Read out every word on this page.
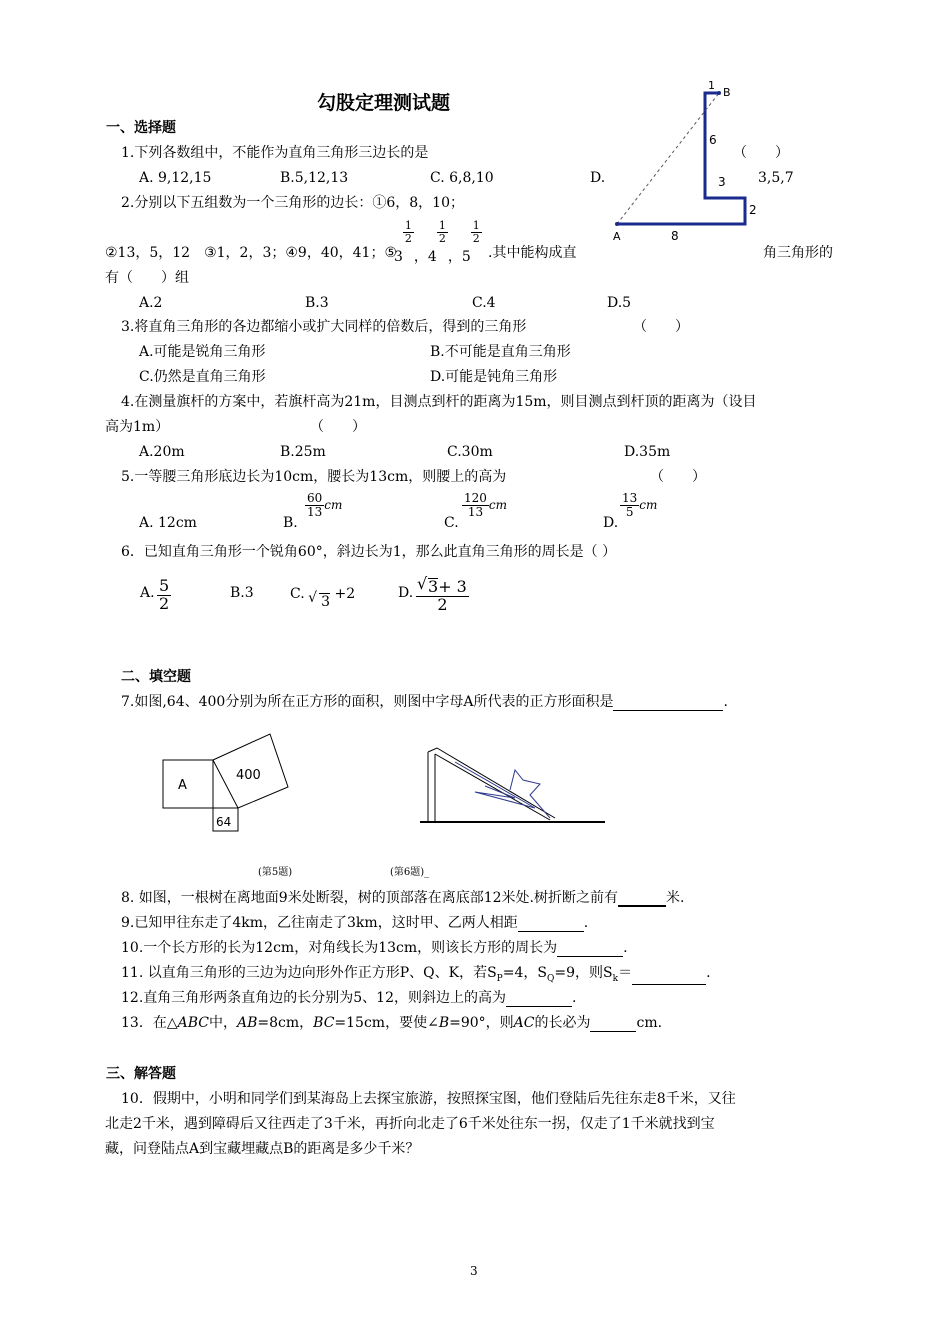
勾股定理测试题
一、选择题
1.下列各数组中，不能作为直角三角形三边长的是	（　　）
A. 9,12,15	B.5,12,13	C. 6,8,10	D.	3,5,7
2.分别以下五组数为一个三角形的边长：①6，8，10；
②13，5，12　③1，2，3；④9，40，41；⑤
3
$\frac{1}{2}$
，4
$\frac{1}{2}$
，5
$\frac{1}{2}$
.其中能构成直	角三角形的
有（　　）组
A.2	B.3	C.4	D.5
3.将直角三角形的各边都缩小或扩大同样的倍数后，得到的三角形	（　　）
A.可能是锐角三角形	B.不可能是直角三角形
C.仍然是直角三角形	D.可能是钝角三角形
4.在测量旗杆的方案中，若旗杆高为21m，目测点到杆的距离为15m，则目测点到杆顶的距离为（设目
高为1m）	（　　）
A.20m	B.25m	C.30m	D.35m
5.一等腰三角形底边长为10cm，腰长为13cm，则腰上的高为	（　　）
A. 12cm	B.
$\frac{60}{13}$ cm
C.
$\frac{120}{13}$ cm
D.
$\frac{13}{5}$ cm
6．已知直角三角形一个锐角60°，斜边长为1，那么此直角三角形的周长是（ ）
A. $\frac{5}{2}$	B.3	C. √ 3 +2	D. $\frac{√ 3+ 3}{2}$
二、填空题
7.如图,64、400分别为所在正方形的面积，则图中字母A所代表的正方形面积是	.
A
400
64
(第5题)	(第6题)_
8. 如图，一根树在离地面9米处断裂，树的顶部落在离底部12米处.树折断之前有	米.
9.已知甲往东走了4km，乙往南走了3km，这时甲、乙两人相距	.
10.一个长方形的长为12cm，对角线长为13cm，则该长方形的周长为	.
11. 以直角三角形的三边为边向形外作正方形P、Q、K，若$S_P=4$，$S_Q=9$，则$S_k=$	.
12.直角三角形两条直角边的长分别为5、12，则斜边上的高为	.
13．在△ABC中，AB=8cm，BC=15cm，要使∠B=90°，则AC的长必为	cm.
三、解答题
10．假期中，小明和同学们到某海岛上去探宝旅游，按照探宝图，他们登陆后先往东走8千米，又往
北走2千米，遇到障碍后又往西走了3千米，再折向北走了6千米处往东一拐，仅走了1千米就找到宝
藏，问登陆点A到宝藏埋藏点B的距离是多少千米？
1
B
6
3
2
A	8
3
